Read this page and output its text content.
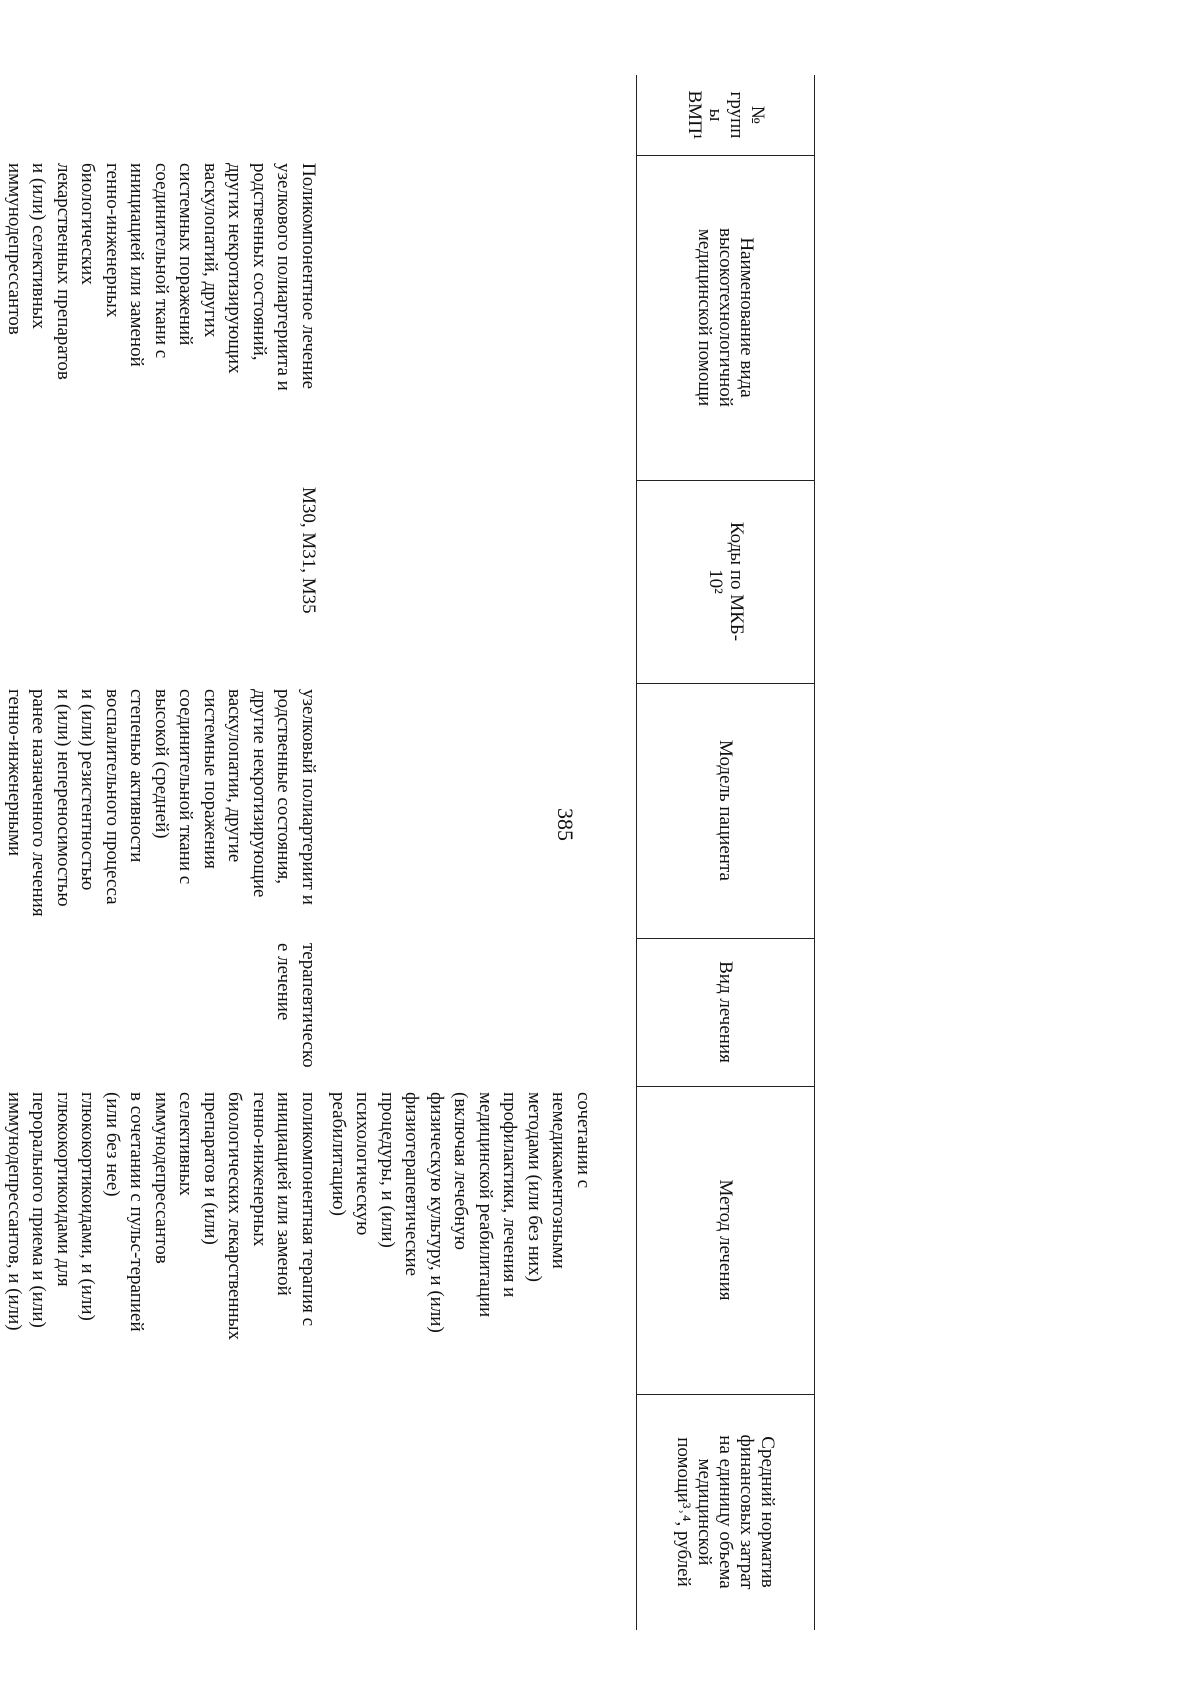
385
№
групп
ы
ВМП¹
Наименование вида
высокотехнологичной
медицинской помощи
Коды по МКБ-
10²
Модель пациента
Вид лечения
Метод лечения
Средний норматив
финансовых затрат
на единицу объема
медицинской
помощи³˒⁴, рублей
сочетании с
немедикаментозными
методами (или без них)
профилактики, лечения и
медицинской реабилитации
(включая лечебную
физическую культуру, и (или)
физиотерапевтические
процедуры, и (или)
психологическую
реабилитацию)
Поликомпонентное лечение
узелкового полиартериита и
родственных состояний,
других некротизирующих
васкулопатий, других
системных поражений
соединительной ткани с
инициацией или заменой
генно-инженерных
биологических
лекарственных препаратов
и (или) селективных
иммунодепрессантов
M30, M31, M35
узелковый полиартериит и
родственные состояния,
другие некротизирующие
васкулопатии, другие
системные поражения
соединительной ткани с
высокой (средней)
степенью активности
воспалительного процесса
и (или) резистентностью
и (или) непереносимостью
ранее назначенного лечения
генно-инженерными

терапевтическо
е лечение
поликомпонентная терапия с
инициацией или заменой
генно-инженерных
биологических лекарственных
препаратов и (или)
селективных
иммунодепрессантов
в сочетании с пульс-терапией
(или без нее)
глюкокортикоидами, и (или)
глюкокортикоидами для
перорального приема и (или)
иммунодепрессантов, и (или)
